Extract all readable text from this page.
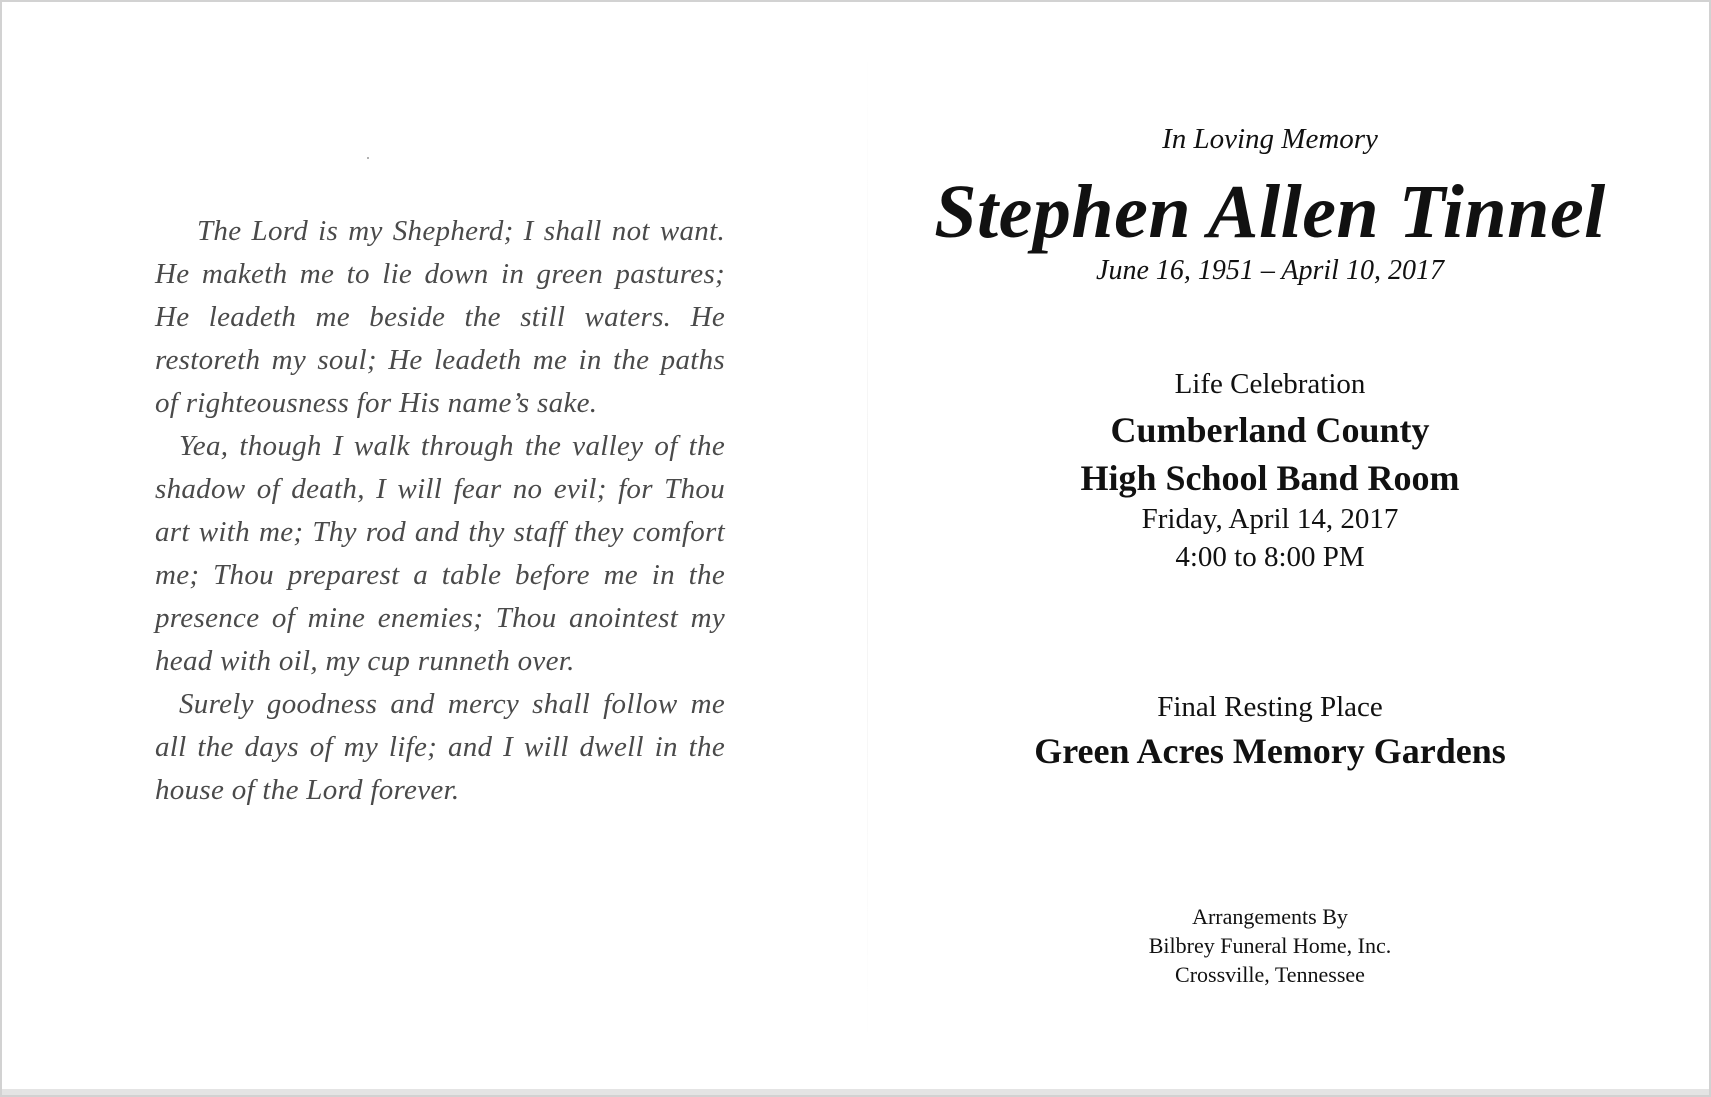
The Lord is my Shepherd; I shall not want. He maketh me to lie down in green pastures; He leadeth me beside the still waters. He restoreth my soul; He leadeth me in the paths of righteousness for His name’s sake.

Yea, though I walk through the valley of the shadow of death, I will fear no evil; for Thou art with me; Thy rod and thy staff they comfort me; Thou preparest a table before me in the presence of mine enemies; Thou anointest my head with oil, my cup runneth over.

Surely goodness and mercy shall follow me all the days of my life; and I will dwell in the house of the Lord forever.

In Loving Memory
Stephen Allen Tinnel
June 16, 1951 – April 10, 2017
Life Celebration
Cumberland County
High School Band Room
Friday, April 14, 2017
4:00 to 8:00 PM
Final Resting Place
Green Acres Memory Gardens
Arrangements By
Bilbrey Funeral Home, Inc.
Crossville, Tennessee
